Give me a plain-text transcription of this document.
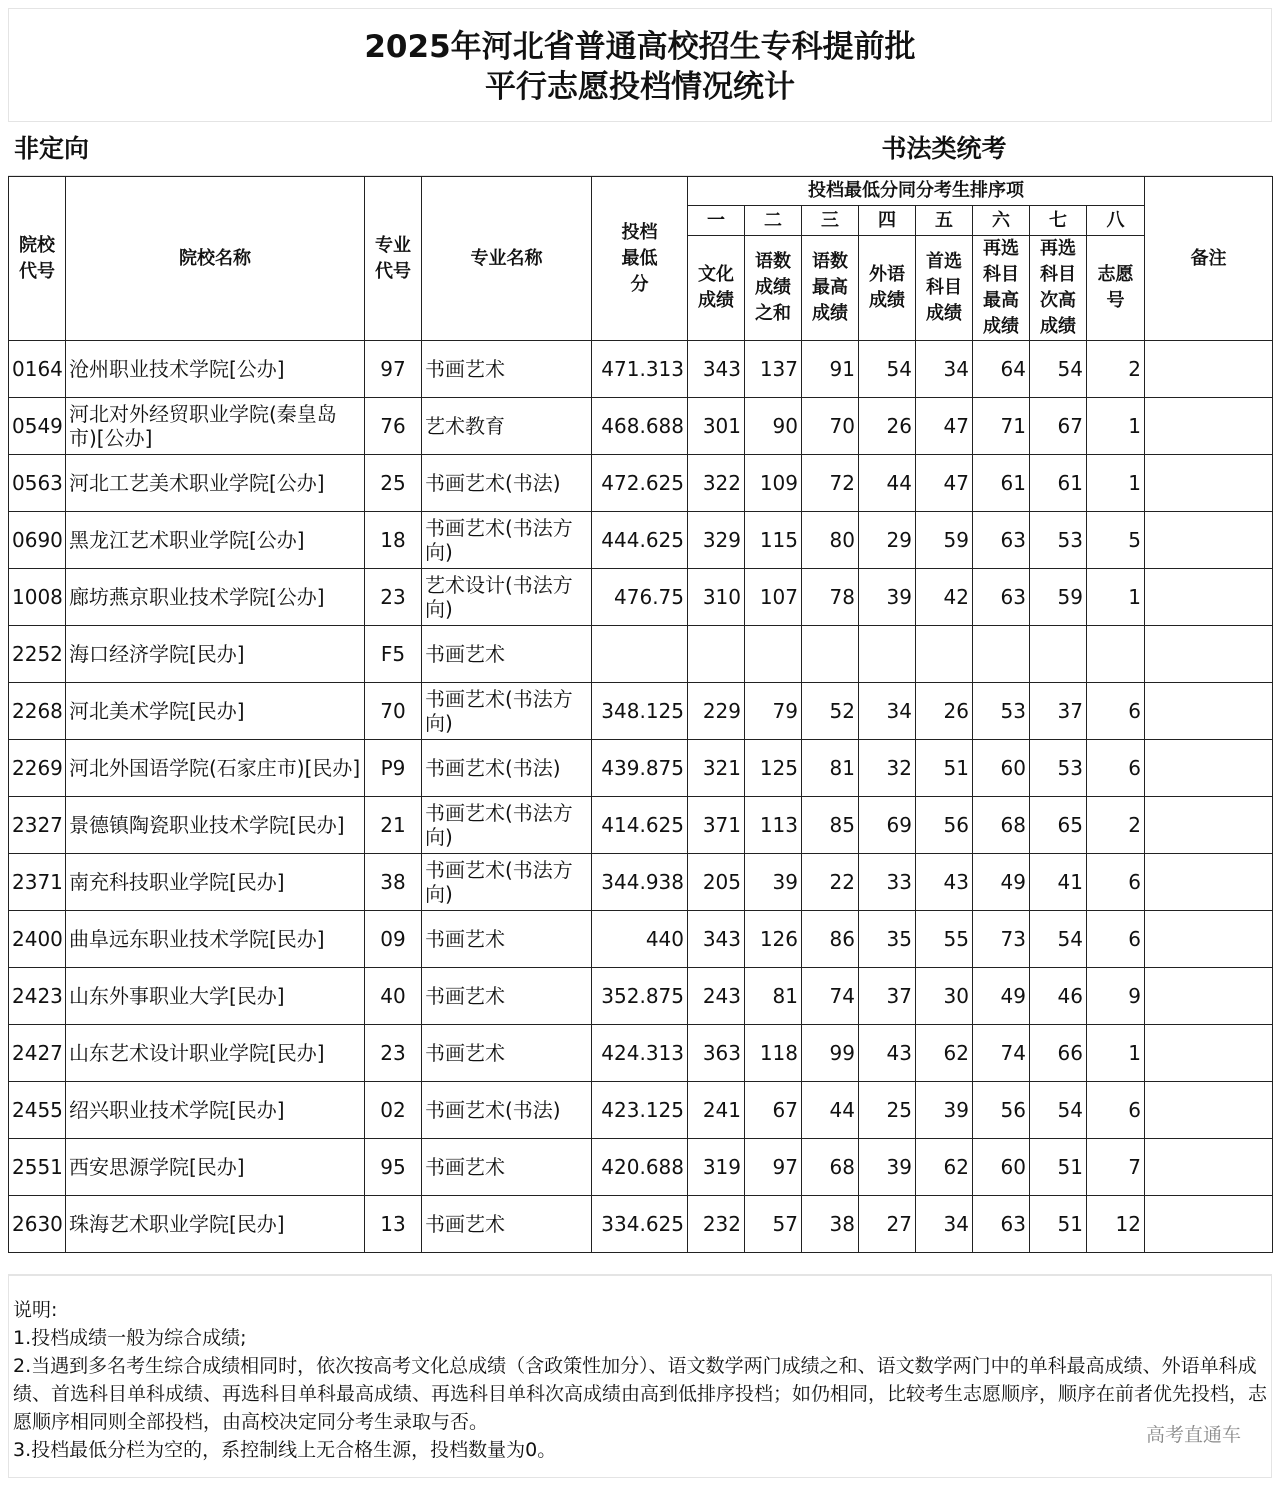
2025年河北省普通高校招生专科提前批
平行志愿投档情况统计
非定向	书法类统考
院校代号	院校名称	专业代号	专业名称	投档最低分	投档最低分同分考生排序项								备注
					一	二	三	四	五	六	七	八	
					文化成绩	语数成绩之和	语数最高成绩	外语成绩	首选科目成绩	再选科目最高成绩	再选科目次高成绩	志愿号	
0164	沧州职业技术学院[公办]	97	书画艺术	471.313	343	137	91	54	34	64	54	2	
0549	河北对外经贸职业学院(秦皇岛市)[公办]	76	艺术教育	468.688	301	90	70	26	47	71	67	1	
0563	河北工艺美术职业学院[公办]	25	书画艺术(书法)	472.625	322	109	72	44	47	61	61	1	
0690	黑龙江艺术职业学院[公办]	18	书画艺术(书法方向)	444.625	329	115	80	29	59	63	53	5	
1008	廊坊燕京职业技术学院[公办]	23	艺术设计(书法方向)	476.75	310	107	78	39	42	63	59	1	
2252	海口经济学院[民办]	F5	书画艺术										
2268	河北美术学院[民办]	70	书画艺术(书法方向)	348.125	229	79	52	34	26	53	37	6	
2269	河北外国语学院(石家庄市)[民办]	P9	书画艺术(书法)	439.875	321	125	81	32	51	60	53	6	
2327	景德镇陶瓷职业技术学院[民办]	21	书画艺术(书法方向)	414.625	371	113	85	69	56	68	65	2	
2371	南充科技职业学院[民办]	38	书画艺术(书法方向)	344.938	205	39	22	33	43	49	41	6	
2400	曲阜远东职业技术学院[民办]	09	书画艺术	440	343	126	86	35	55	73	54	6	
2423	山东外事职业大学[民办]	40	书画艺术	352.875	243	81	74	37	30	49	46	9	
2427	山东艺术设计职业学院[民办]	23	书画艺术	424.313	363	118	99	43	62	74	66	1	
2455	绍兴职业技术学院[民办]	02	书画艺术(书法)	423.125	241	67	44	25	39	56	54	6	
2551	西安思源学院[民办]	95	书画艺术	420.688	319	97	68	39	62	60	51	7	
2630	珠海艺术职业学院[民办]	13	书画艺术	334.625	232	57	38	27	34	63	51	12	
说明:
1.投档成绩一般为综合成绩;
2.当遇到多名考生综合成绩相同时，依次按高考文化总成绩（含政策性加分）、语文数学两门成绩之和、语文数学两门中的单科最高成绩、外语单科成绩、首选科目单科成绩、再选科目单科最高成绩、再选科目单科次高成绩由高到低排序投档；如仍相同，比较考生志愿顺序，顺序在前者优先投档，志愿顺序相同则全部投档，由高校决定同分考生录取与否。
3.投档最低分栏为空的，系控制线上无合格生源，投档数量为0。
高考直通车
